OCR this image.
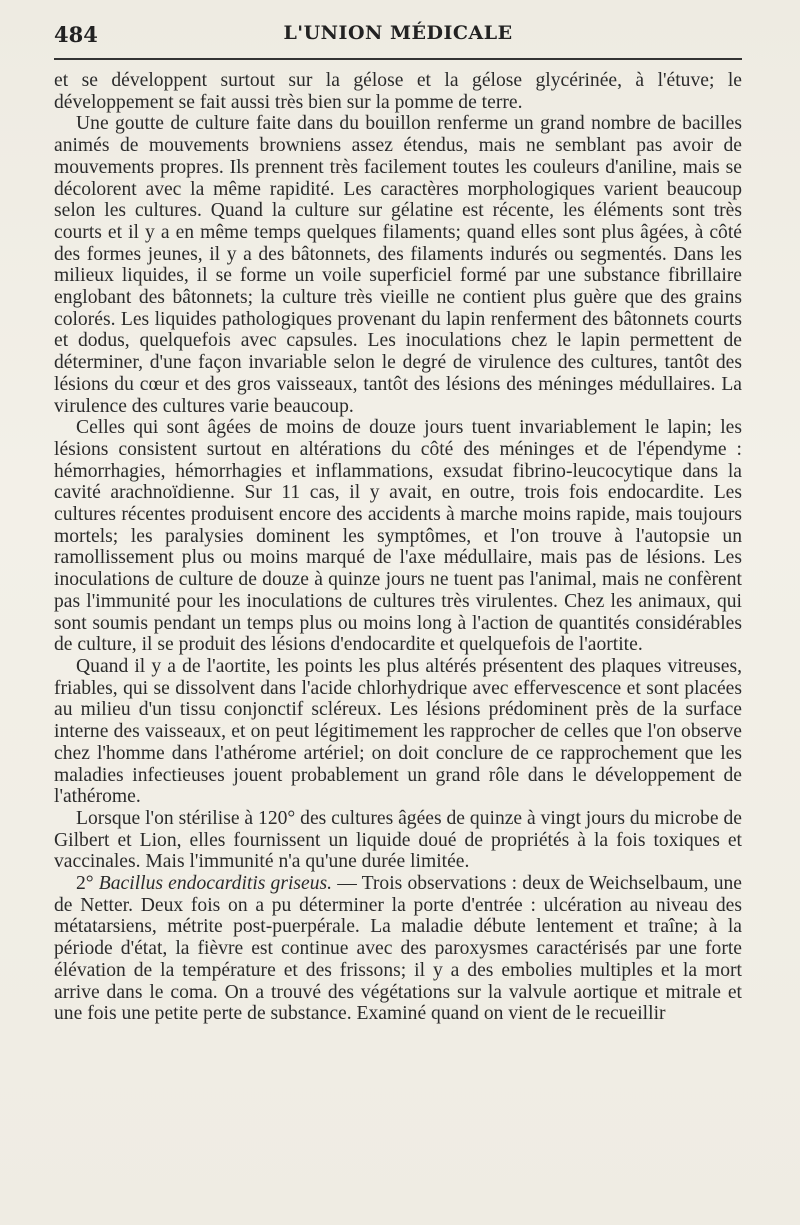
484	L'UNION MÉDICALE

et se développent surtout sur la gélose et la gélose glycérinée, à l'étuve; le développement se fait aussi très bien sur la pomme de terre.

Une goutte de culture faite dans du bouillon renferme un grand nombre de bacilles animés de mouvements browniens assez étendus, mais ne semblant pas avoir de mouvements propres. Ils prennent très facilement toutes les couleurs d'aniline, mais se décolorent avec la même rapidité. Les caractères morphologiques varient beaucoup selon les cultures. Quand la culture sur gélatine est récente, les éléments sont très courts et il y a en même temps quelques filaments; quand elles sont plus âgées, à côté des formes jeunes, il y a des bâtonnets, des filaments indurés ou segmentés. Dans les milieux liquides, il se forme un voile superficiel formé par une substance fibrillaire englobant des bâtonnets; la culture très vieille ne contient plus guère que des grains colorés. Les liquides pathologiques provenant du lapin renferment des bâtonnets courts et dodus, quelquefois avec capsules. Les inoculations chez le lapin permettent de déterminer, d'une façon invariable selon le degré de virulence des cultures, tantôt des lésions du cœur et des gros vaisseaux, tantôt des lésions des méninges médullaires. La virulence des cultures varie beaucoup.

Celles qui sont âgées de moins de douze jours tuent invariablement le lapin; les lésions consistent surtout en altérations du côté des méninges et de l'épendyme : hémorrhagies, hémorrhagies et inflammations, exsudat fibrino-leucocytique dans la cavité arachnoïdienne. Sur 11 cas, il y avait, en outre, trois fois endocardite. Les cultures récentes produisent encore des accidents à marche moins rapide, mais toujours mortels; les paralysies dominent les symptômes, et l'on trouve à l'autopsie un ramollissement plus ou moins marqué de l'axe médullaire, mais pas de lésions. Les inoculations de culture de douze à quinze jours ne tuent pas l'animal, mais ne confèrent pas l'immunité pour les inoculations de cultures très virulentes. Chez les animaux, qui sont soumis pendant un temps plus ou moins long à l'action de quantités considérables de culture, il se produit des lésions d'endocardite et quelquefois de l'aortite.

Quand il y a de l'aortite, les points les plus altérés présentent des plaques vitreuses, friables, qui se dissolvent dans l'acide chlorhydrique avec effervescence et sont placées au milieu d'un tissu conjonctif scléreux. Les lésions prédominent près de la surface interne des vaisseaux, et on peut légitimement les rapprocher de celles que l'on observe chez l'homme dans l'athérome artériel; on doit conclure de ce rapprochement que les maladies infectieuses jouent probablement un grand rôle dans le développement de l'athérome.

Lorsque l'on stérilise à 120° des cultures âgées de quinze à vingt jours du microbe de Gilbert et Lion, elles fournissent un liquide doué de propriétés à la fois toxiques et vaccinales. Mais l'immunité n'a qu'une durée limitée.

2° Bacillus endocarditis griseus. — Trois observations : deux de Weichselbaum, une de Netter. Deux fois on a pu déterminer la porte d'entrée : ulcération au niveau des métatarsiens, métrite post-puerpérale. La maladie débute lentement et traîne; à la période d'état, la fièvre est continue avec des paroxysmes caractérisés par une forte élévation de la température et des frissons; il y a des embolies multiples et la mort arrive dans le coma. On a trouvé des végétations sur la valvule aortique et mitrale et une fois une petite perte de substance. Examiné quand on vient de le recueillir
